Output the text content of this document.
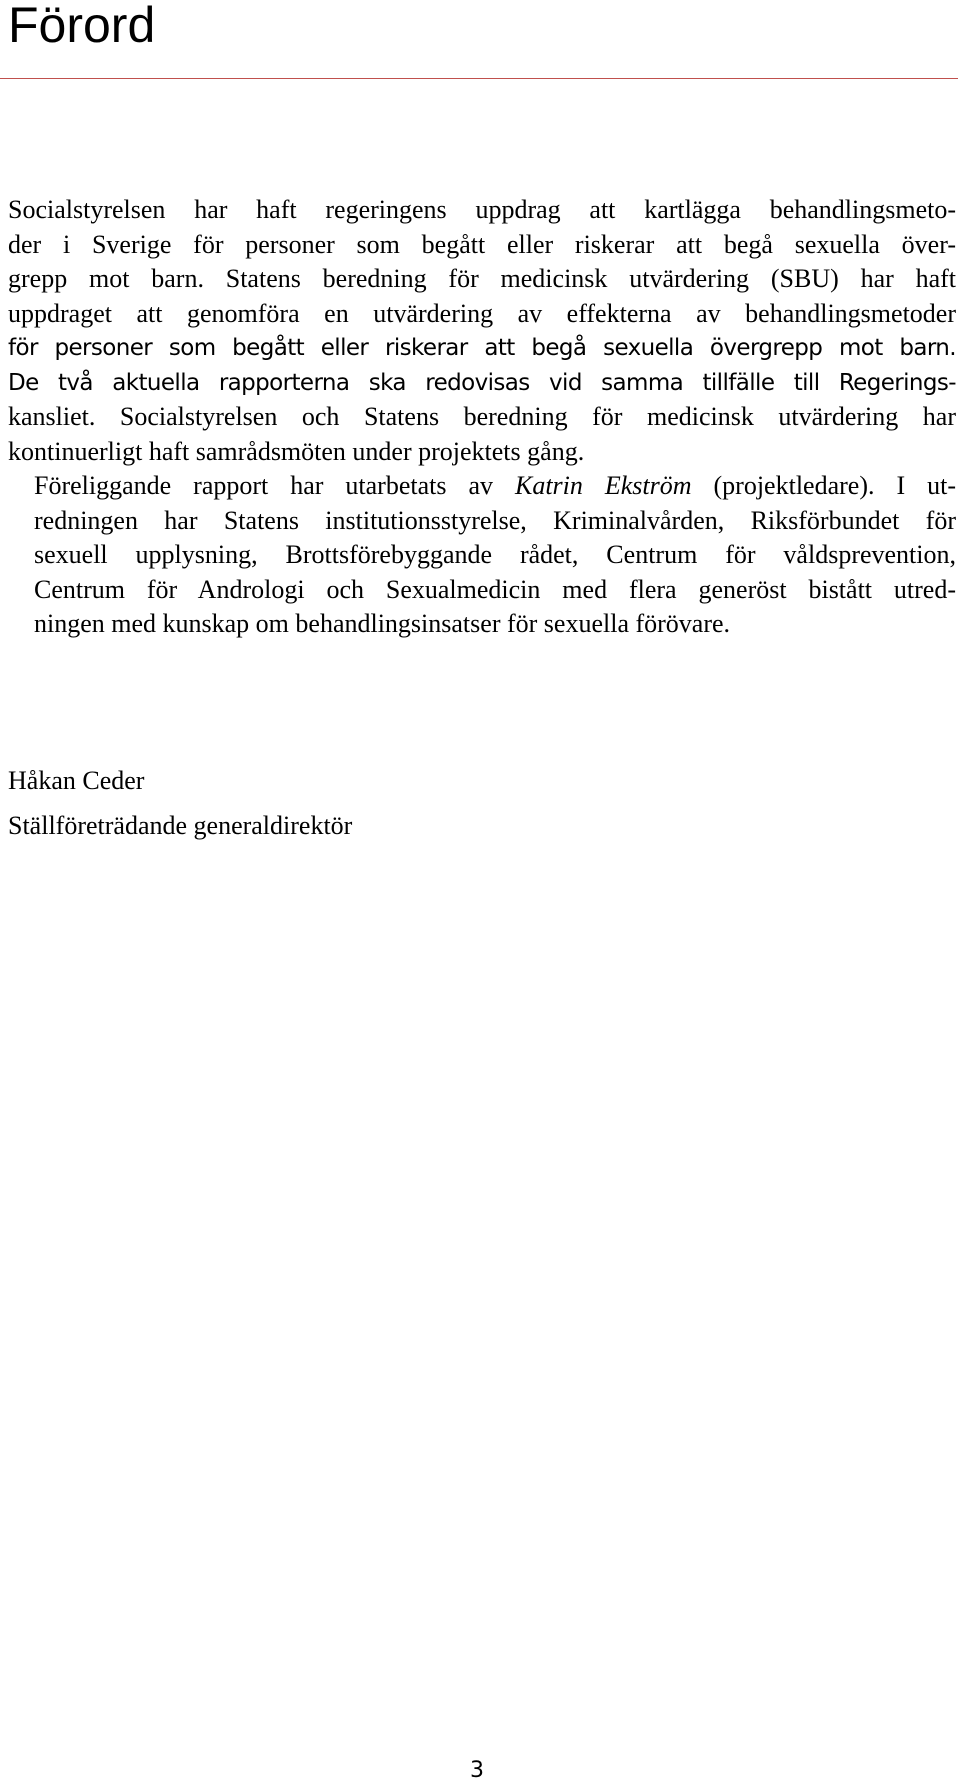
Förord

Socialstyrelsen har haft regeringens uppdrag att kartlägga behandlingsmeto-
der i Sverige för personer som begått eller riskerar att begå sexuella över-
grepp mot barn. Statens beredning för medicinsk utvärdering (SBU) har haft
uppdraget att genomföra en utvärdering av effekterna av behandlingsmetoder
för personer som begått eller riskerar att begå sexuella övergrepp mot barn.
De två aktuella rapporterna ska redovisas vid samma tillfälle till Regerings-
kansliet. Socialstyrelsen och Statens beredning för medicinsk utvärdering har
kontinuerligt haft samrådsmöten under projektets gång.

Föreliggande rapport har utarbetats av Katrin Ekström (projektledare). I ut-
redningen har Statens institutionsstyrelse, Kriminalvården, Riksförbundet för
sexuell upplysning, Brottsförebyggande rådet, Centrum för våldsprevention,
Centrum för Andrologi och Sexualmedicin med flera generöst bistått utred-
ningen med kunskap om behandlingsinsatser för sexuella förövare.

Håkan Ceder
Ställföreträdande generaldirektör
3
